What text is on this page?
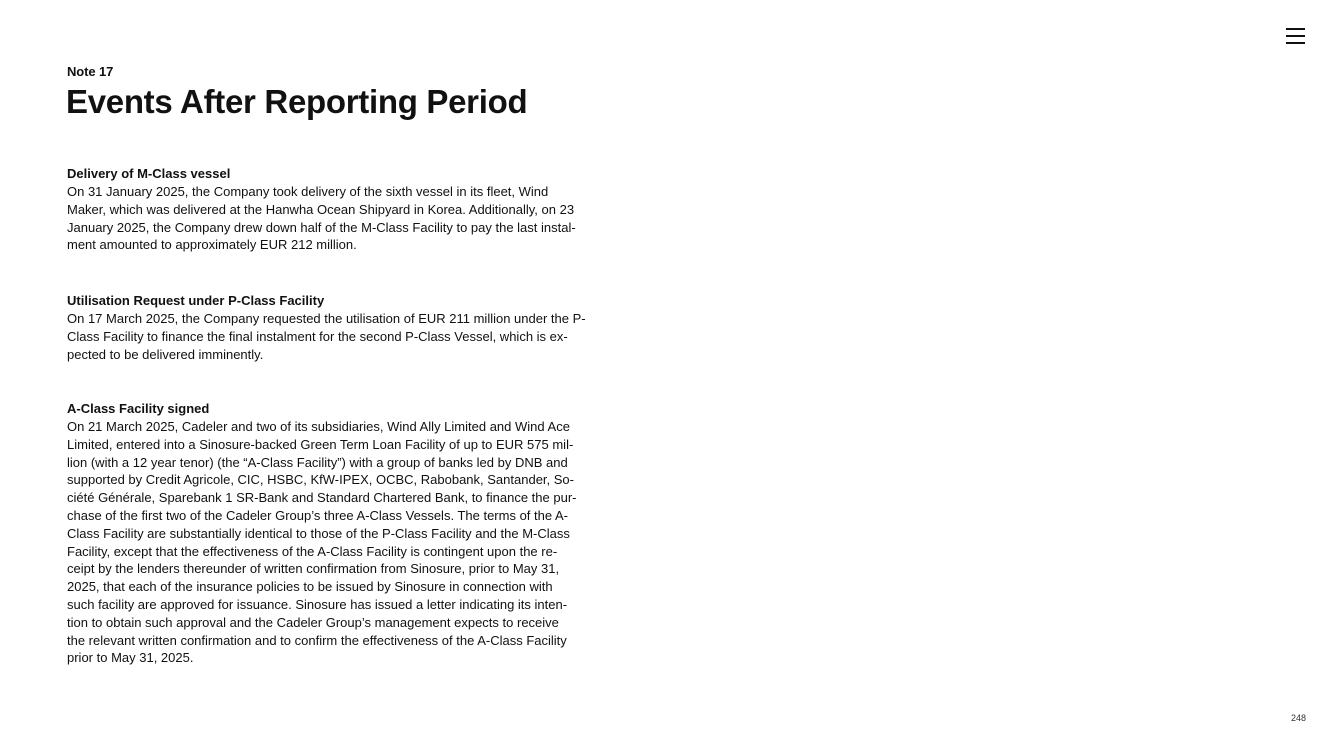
Note 17
Events After Reporting Period

Delivery of M-Class vessel

On 31 January 2025, the Company took delivery of the sixth vessel in its fleet, Wind
Maker, which was delivered at the Hanwha Ocean Shipyard in Korea. Additionally, on 23
January 2025, the Company drew down half of the M-Class Facility to pay the last instal-
ment amounted to approximately EUR 212 million.

Utilisation Request under P-Class Facility

On 17 March 2025, the Company requested the utilisation of EUR 211 million under the P-
Class Facility to finance the final instalment for the second P-Class Vessel, which is ex-
pected to be delivered imminently.

A-Class Facility signed

On 21 March 2025, Cadeler and two of its subsidiaries, Wind Ally Limited and Wind Ace
Limited, entered into a Sinosure-backed Green Term Loan Facility of up to EUR 575 mil-
lion (with a 12 year tenor) (the “A-Class Facility”) with a group of banks led by DNB and
supported by Credit Agricole, CIC, HSBC, KfW-IPEX, OCBC, Rabobank, Santander, So-
ciété Générale, Sparebank 1 SR-Bank and Standard Chartered Bank, to finance the pur-
chase of the first two of the Cadeler Group’s three A-Class Vessels. The terms of the A-
Class Facility are substantially identical to those of the P-Class Facility and the M-Class
Facility, except that the effectiveness of the A-Class Facility is contingent upon the re-
ceipt by the lenders thereunder of written confirmation from Sinosure, prior to May 31,
2025, that each of the insurance policies to be issued by Sinosure in connection with
such facility are approved for issuance. Sinosure has issued a letter indicating its inten-
tion to obtain such approval and the Cadeler Group’s management expects to receive
the relevant written confirmation and to confirm the effectiveness of the A-Class Facility
prior to May 31, 2025.

248
